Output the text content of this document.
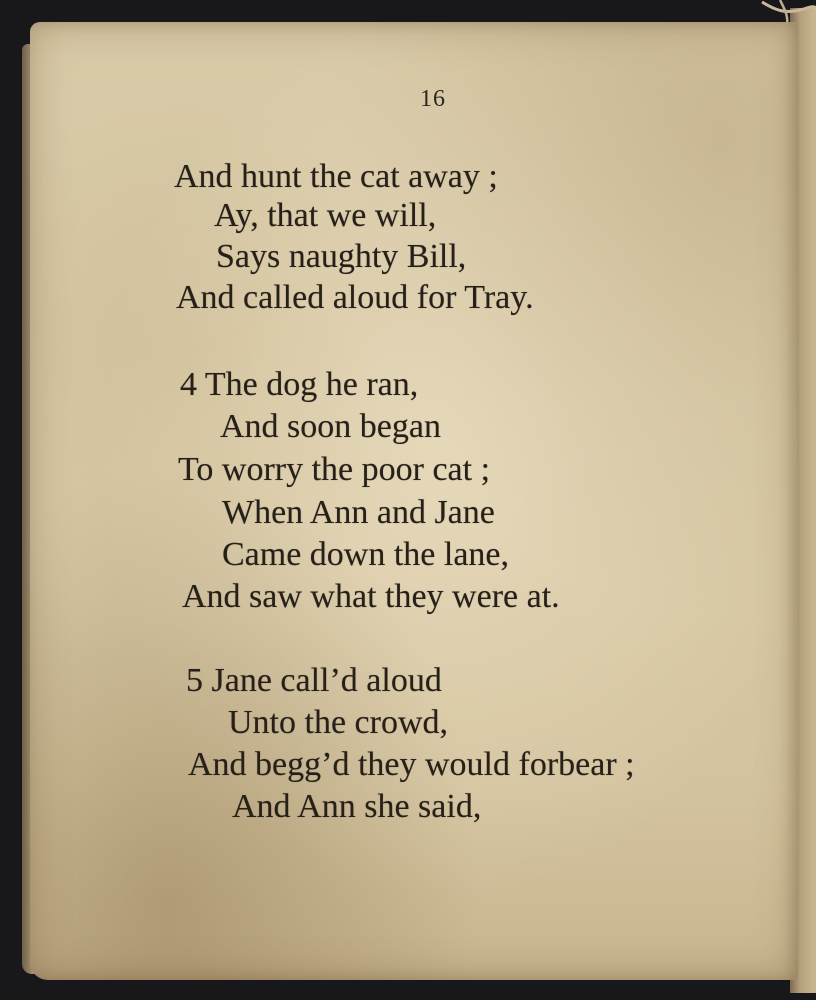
16
And hunt the cat away ;
Ay, that we will,
Says naughty Bill,
And called aloud for Tray.
4 The dog he ran,
And soon began
To worry the poor cat ;
When Ann and Jane
Came down the lane,
And saw what they were at.
5 Jane call’d aloud
Unto the crowd,
And begg’d they would forbear ;
And Ann she said,
